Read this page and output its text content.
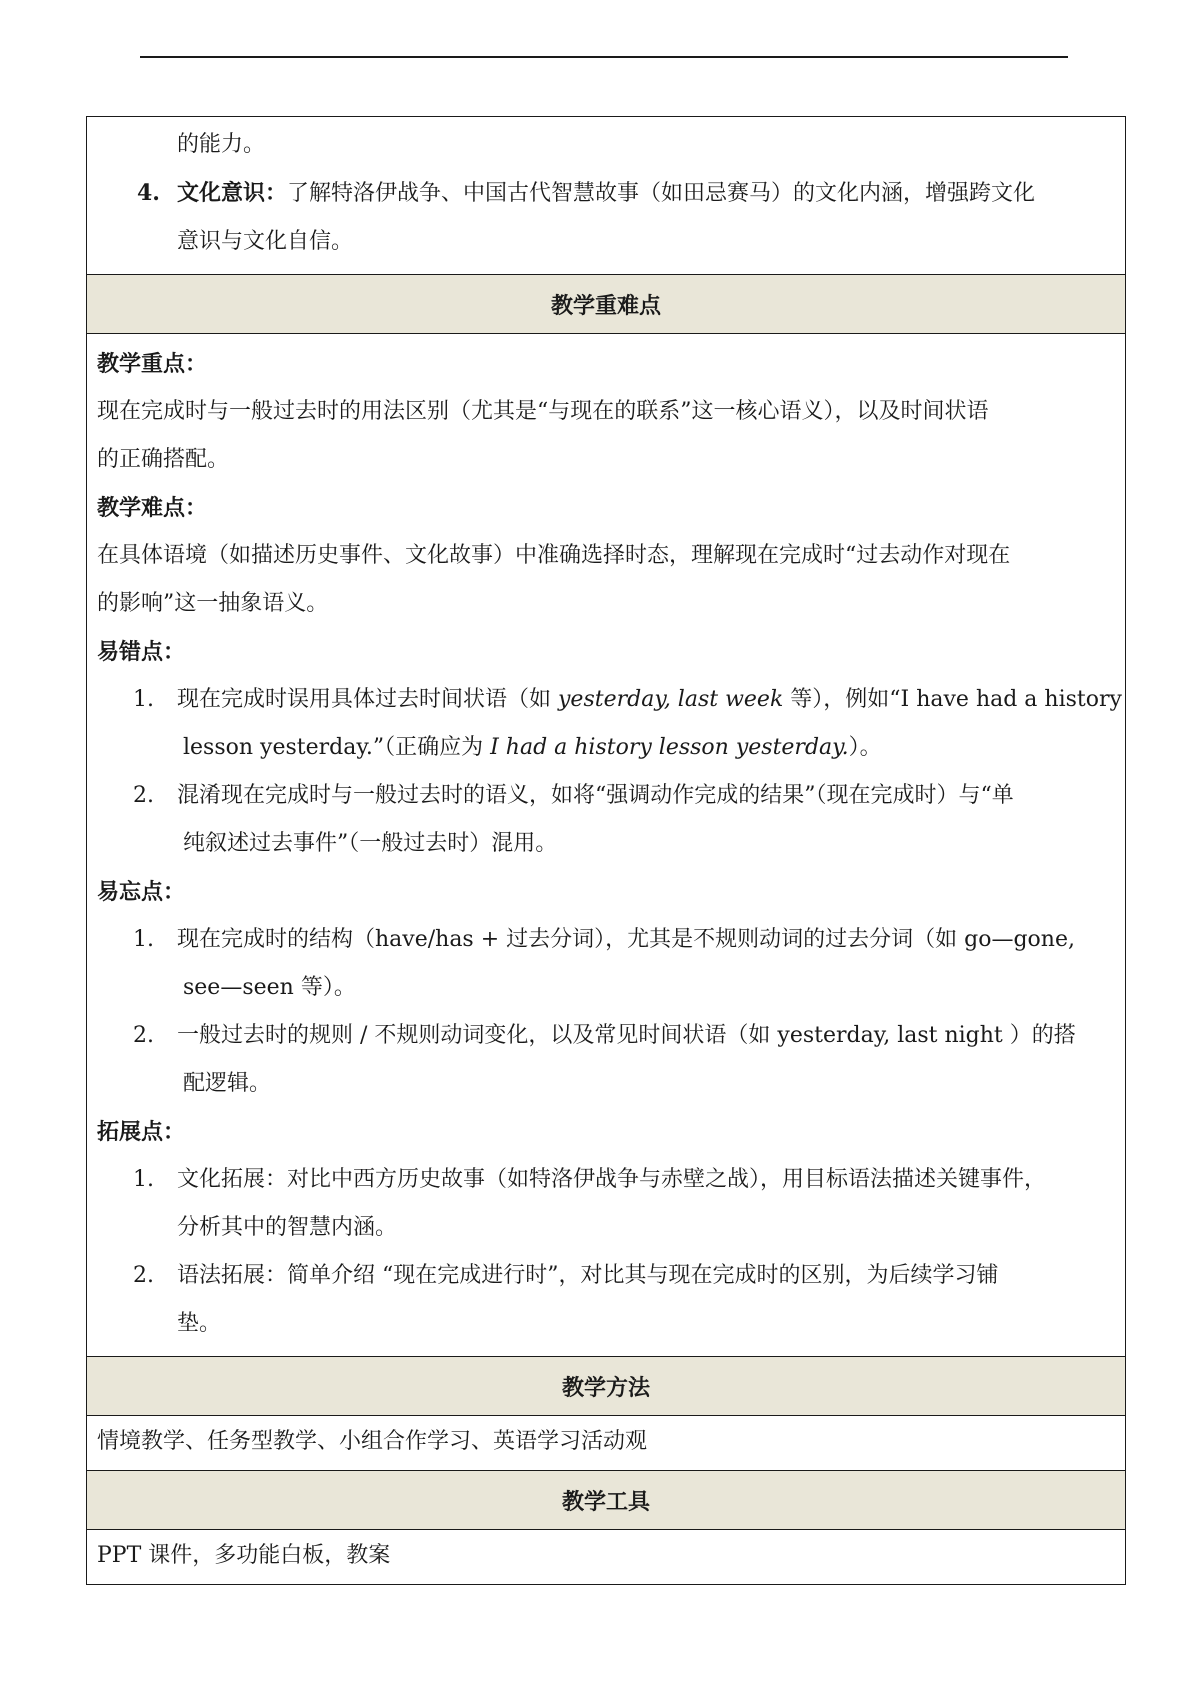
的能力。
4. 文化意识：了解特洛伊战争、中国古代智慧故事（如田忌赛马）的文化内涵，增强跨文化
意识与文化自信。
教学重难点
教学重点：
现在完成时与一般过去时的用法区别（尤其是“与现在的联系”这一核心语义），以及时间状语
的正确搭配。
教学难点：
在具体语境（如描述历史事件、文化故事）中准确选择时态，理解现在完成时“过去动作对现在
的影响”这一抽象语义。
易错点：
1. 现在完成时误用具体过去时间状语（如 yesterday, last week 等），例如“I have had a history
lesson yesterday.”（正确应为 I had a history lesson yesterday.）。
2. 混淆现在完成时与一般过去时的语义，如将“强调动作完成的结果”（现在完成时）与“单
纯叙述过去事件”（一般过去时）混用。
易忘点：
1. 现在完成时的结构（have/has + 过去分词），尤其是不规则动词的过去分词（如 go—gone,
see—seen 等）。
2. 一般过去时的规则 / 不规则动词变化，以及常见时间状语（如 yesterday, last night ）的搭
配逻辑。
拓展点：
1. 文化拓展：对比中西方历史故事（如特洛伊战争与赤壁之战），用目标语法描述关键事件，
分析其中的智慧内涵。
2. 语法拓展：简单介绍 “现在完成进行时”，对比其与现在完成时的区别，为后续学习铺
垫。
教学方法
情境教学、任务型教学、小组合作学习、英语学习活动观
教学工具
PPT 课件，多功能白板，教案
